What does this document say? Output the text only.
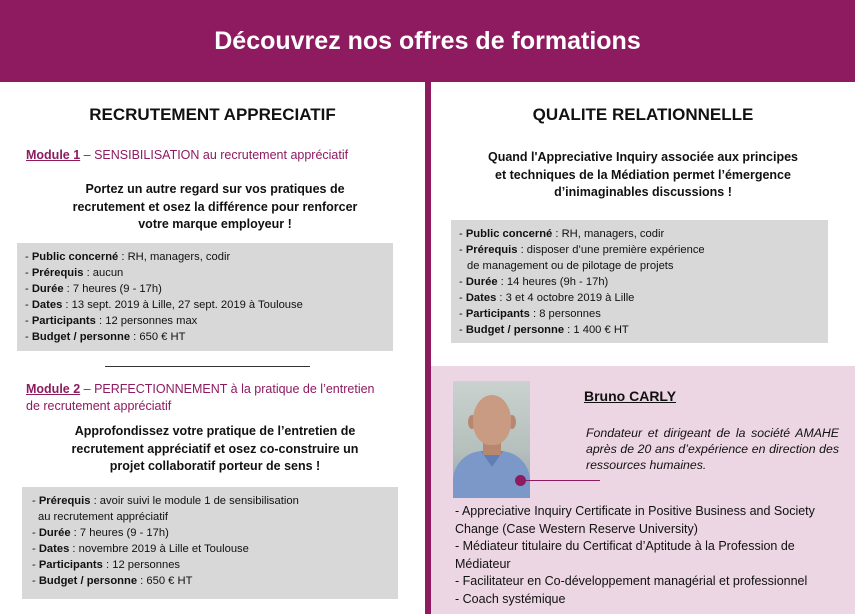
Découvrez nos offres de formations
RECRUTEMENT APPRECIATIF
Module 1 – SENSIBILISATION au recrutement appréciatif
Portez un autre regard sur vos pratiques de
recrutement et osez la différence pour renforcer
votre marque employeur !
- Public concerné : RH, managers, codir
- Prérequis : aucun
- Durée : 7 heures (9 - 17h)
- Dates : 13 sept. 2019 à Lille, 27 sept. 2019 à Toulouse
- Participants : 12 personnes max
- Budget / personne : 650 € HT
Module 2 – PERFECTIONNEMENT à la pratique de l’entretien
de recrutement appréciatif
Approfondissez votre pratique de l’entretien de
recrutement appréciatif et osez co-construire un
projet collaboratif porteur de sens !
- Prérequis : avoir suivi le module 1 de sensibilisation
au recrutement appréciatif
- Durée : 7 heures (9 - 17h)
- Dates : novembre 2019 à Lille et Toulouse
- Participants : 12 personnes
- Budget / personne : 650 € HT
QUALITE RELATIONNELLE
Quand l'Appreciative Inquiry associée aux principes
et techniques de la Médiation permet l’émergence
d’inimaginables discussions !
- Public concerné : RH, managers, codir
- Prérequis : disposer d’une première expérience
de management ou de pilotage de projets
- Durée : 14 heures (9h - 17h)
- Dates : 3 et 4 octobre 2019 à Lille
- Participants : 8 personnes
- Budget / personne : 1 400 € HT
Bruno CARLY
Fondateur et dirigeant de la société AMAHE après de 20 ans d’expérience en direction des ressources humaines.
- Appreciative Inquiry Certificate in Positive Business and Society Change (Case Western Reserve University)
- Médiateur titulaire du Certificat d’Aptitude à la Profession de Médiateur
- Facilitateur en Co-développement managérial et professionnel
- Coach systémique
